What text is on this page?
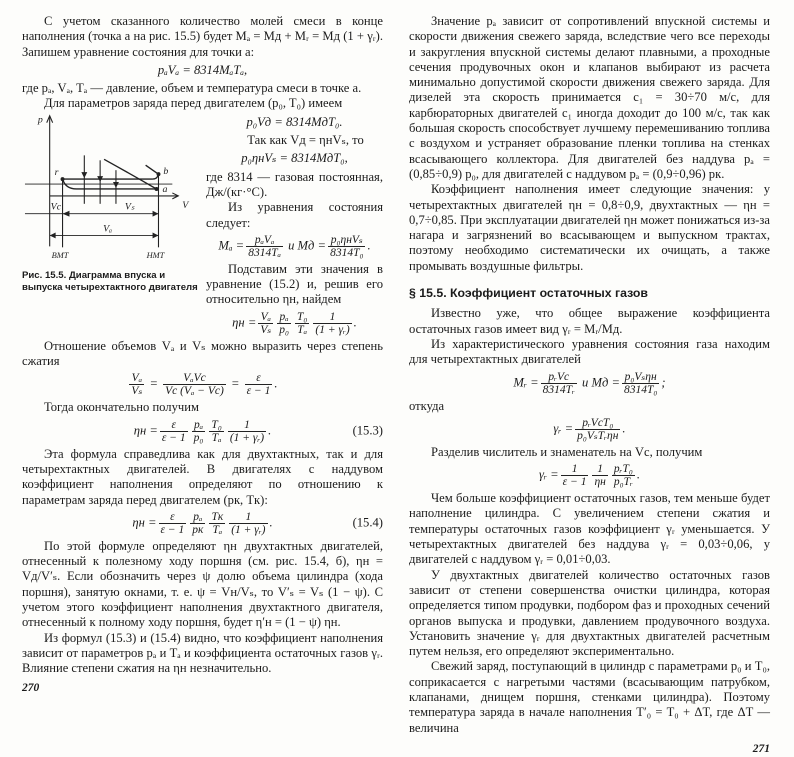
С учетом сказанного количество молей смеси в конце наполнения (точка a на рис. 15.5) будет Mₐ = Mд + Mᵣ = Mд (1 + γᵣ). Запишем уравнение состояния для точки a:

pₐVₐ = 8314MₐTₐ,

где pₐ, Vₐ, Tₐ — давление, объем и температура смеси в точке a.

Для параметров заряда перед двигателем (p₀, T₀) имеем

p
V
r	b
a
Vc	Vₛ
Vₐ
ВМТ	НМТ
Рис. 15.5. Диаграмма впуска и выпуска четырехтактного двигателя
p₀Vд = 8314MдT₀.

Так как Vд = ηнVₛ, то

p₀ηнVₛ = 8314MдT₀,

где 8314 — газовая постоянная, Дж/(кг·°C).

Из уравнения состояния следует:

$M_a = \frac{\text{pₐVₐ}}{\text{8314Tₐ}}$ и Mд = $\frac{\text{p₀ηнVₛ}}{\text{8314T₀}}$ .

Подставим эти значения в уравнение (15.2) и, решив его относительно ηн, найдем

$\eta н = \frac{\text{Vₐ}}{\text{Vₛ}} \frac{\text{pₐ}}{\text{p₀}} \frac{\text{T₀}}{\text{Tₐ}} \frac{1}{\text{(1 + γᵣ)}}$ .

Отношение объемов Vₐ и Vₛ можно выразить через степень сжатия

$\frac{\text{Vₐ}}{\text{Vₛ}} = \frac{\text{VₐVc}}{\text{Vc (Vₐ − Vc)}} = \frac{\varepsilon}{\varepsilon - 1}$ .

Тогда окончательно получим

$\eta н = \frac{\varepsilon}{\varepsilon - 1} \frac{\text{pₐ}}{\text{p₀}} \frac{\text{T₀}}{\text{Tₐ}} \frac{1}{\text{(1 + γᵣ)}}$ .	(15.3)

Эта формула справедлива как для двухтактных, так и для четырехтактных двигателей. В двигателях с наддувом коэффициент наполнения определяют по отношению к параметрам заряда перед двигателем (pк, Tк):

$\eta н = \frac{\varepsilon}{\varepsilon - 1} \frac{\text{pₐ}}{pк} \frac{Tк}{\text{Tₐ}} \frac{1}{\text{(1 + γᵣ)}}$ .	(15.4)

По этой формуле определяют ηн двухтактных двигателей, отнесенный к полезному ходу поршня (см. рис. 15.4, б), ηн = Vд/V′ₛ. Если обозначить через ψ долю объема цилиндра (хода поршня), занятую окнами, т. е. ψ = Vн/Vₛ, то V′ₛ = Vₛ (1 − ψ). С учетом этого коэффициент наполнения двухтактного двигателя, отнесенный к полному ходу поршня, будет η′н = (1 − ψ) ηн.

Из формул (15.3) и (15.4) видно, что коэффициент наполнения зависит от параметров pₐ и Tₐ и коэффициента остаточных газов γᵣ. Влияние степени сжатия на ηн незначительно.

270

Значение pₐ зависит от сопротивлений впускной системы и скорости движения свежего заряда, вследствие чего все переходы и закругления впускной системы делают плавными, а проходные сечения продувочных окон и клапанов выбирают из расчета минимально допустимой скорости движения свежего заряда. Для дизелей эта скорость принимается c₁ = 30÷70 м/с, для карбюраторных двигателей c₁ иногда доходит до 100 м/с, так как большая скорость способствует лучшему перемешиванию топлива с воздухом и устраняет образование пленки топлива на стенках всасывающего коллектора. Для двигателей без наддува pₐ = (0,85÷0,9) p₀, для двигателей с наддувом pₐ = (0,9÷0,96) pк.

Коэффициент наполнения имеет следующие значения: у четырехтактных двигателей ηн = 0,8÷0,9, двухтактных — ηн = 0,7÷0,85. При эксплуатации двигателей ηн может понижаться из-за нагара и загрязнений во всасывающем и выпускном трактах, поэтому необходимо систематически их очищать, а также промывать воздушные фильтры.

§ 15.5. Коэффициент остаточных газов

Известно уже, что общее выражение коэффициента остаточных газов имеет вид γᵣ = Mᵣ/Mд.

Из характеристического уравнения состояния газа находим для четырехтактных двигателей

Mᵣ = $\frac{\text{pᵣVc}}{\text{8314Tᵣ}}$ и Mд = $\frac{\text{p₀Vₛηн}}{\text{8314T₀}}$ ;

откуда

γᵣ = $\frac{\text{pᵣVcT₀}}{\text{p₀VₛTᵣηн}}$ .

Разделив числитель и знаменатель на Vc, получим

γᵣ = $\frac{1}{\varepsilon - 1} \frac{1}{\eta н} \frac{\text{pᵣT₀}}{\text{p₀Tᵣ}}$ .

Чем больше коэффициент остаточных газов, тем меньше будет наполнение цилиндра. С увеличением степени сжатия и температуры остаточных газов коэффициент γᵣ уменьшается. У четырехтактных двигателей без наддува γᵣ = 0,03÷0,06, у двигателей с наддувом γᵣ = 0,01÷0,03.

У двухтактных двигателей количество остаточных газов зависит от степени совершенства очистки цилиндра, которая определяется типом продувки, подбором фаз и проходных сечений органов выпуска и продувки, давлением продувочного воздуха. Установить значение γᵣ для двухтактных двигателей расчетным путем нельзя, его определяют экспериментально.

Свежий заряд, поступающий в цилиндр с параметрами p₀ и T₀, соприкасается с нагретыми частями (всасывающим патрубком, клапанами, днищем поршня, стенками цилиндра). Поэтому температура заряда в начале наполнения T′₀ = T₀ + ΔT, где ΔT — величина

271
